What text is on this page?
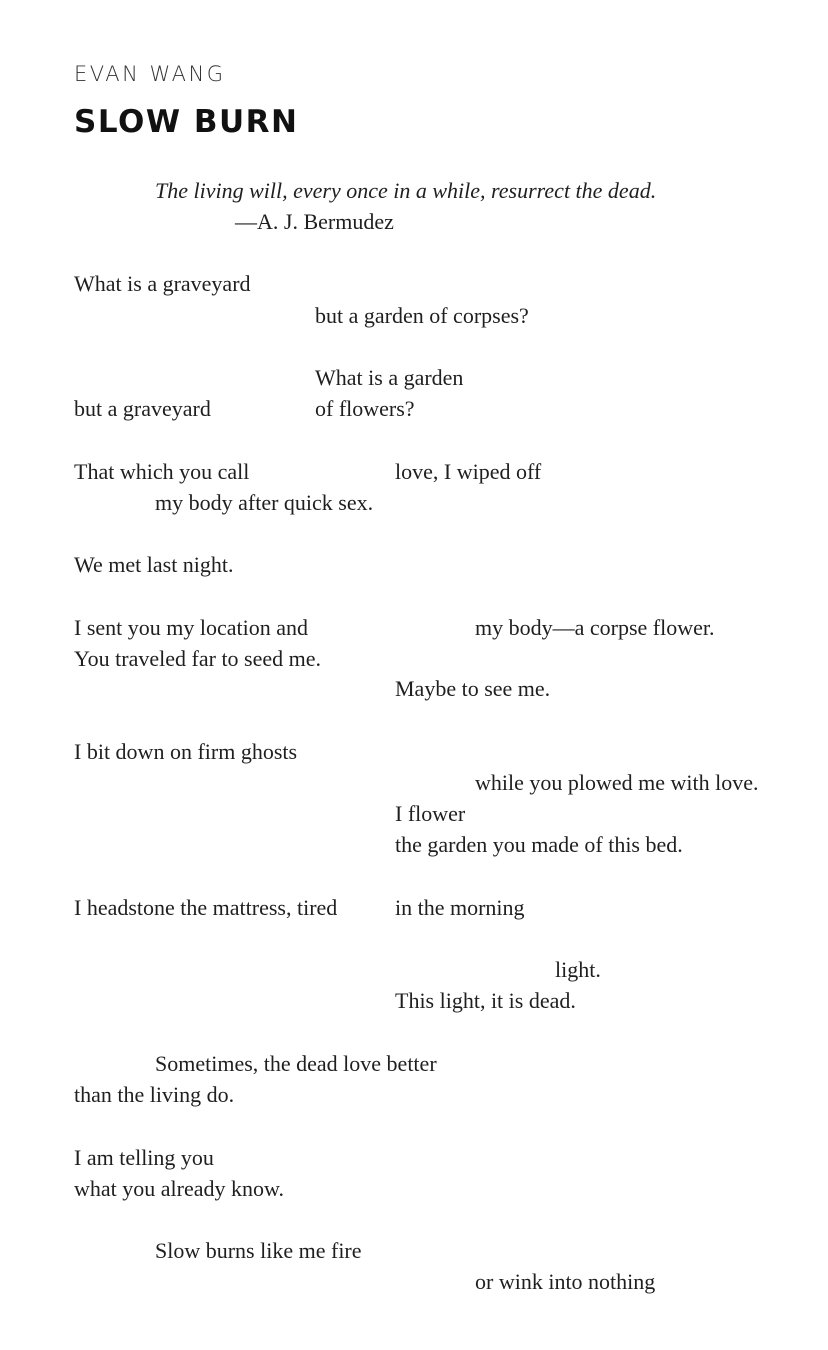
EVAN WANG

SLOW BURN
The living will, every once in a while, resurrect the dead.
—A. J. Bermudez
What is a graveyard
but a garden of corpses?
What is a garden
but a graveyard	of flowers?
That which you call	love, I wiped off
my body after quick sex.
We met last night.
I sent you my location and	my body—a corpse flower.
You traveled far to seed me.
Maybe to see me.
I bit down on firm ghosts
while you plowed me with love.
I flower
the garden you made of this bed.
I headstone the mattress, tired	in the morning
light.
This light, it is dead.
Sometimes, the dead love better
than the living do.
I am telling you
what you already know.
Slow burns like me fire
or wink into nothing
